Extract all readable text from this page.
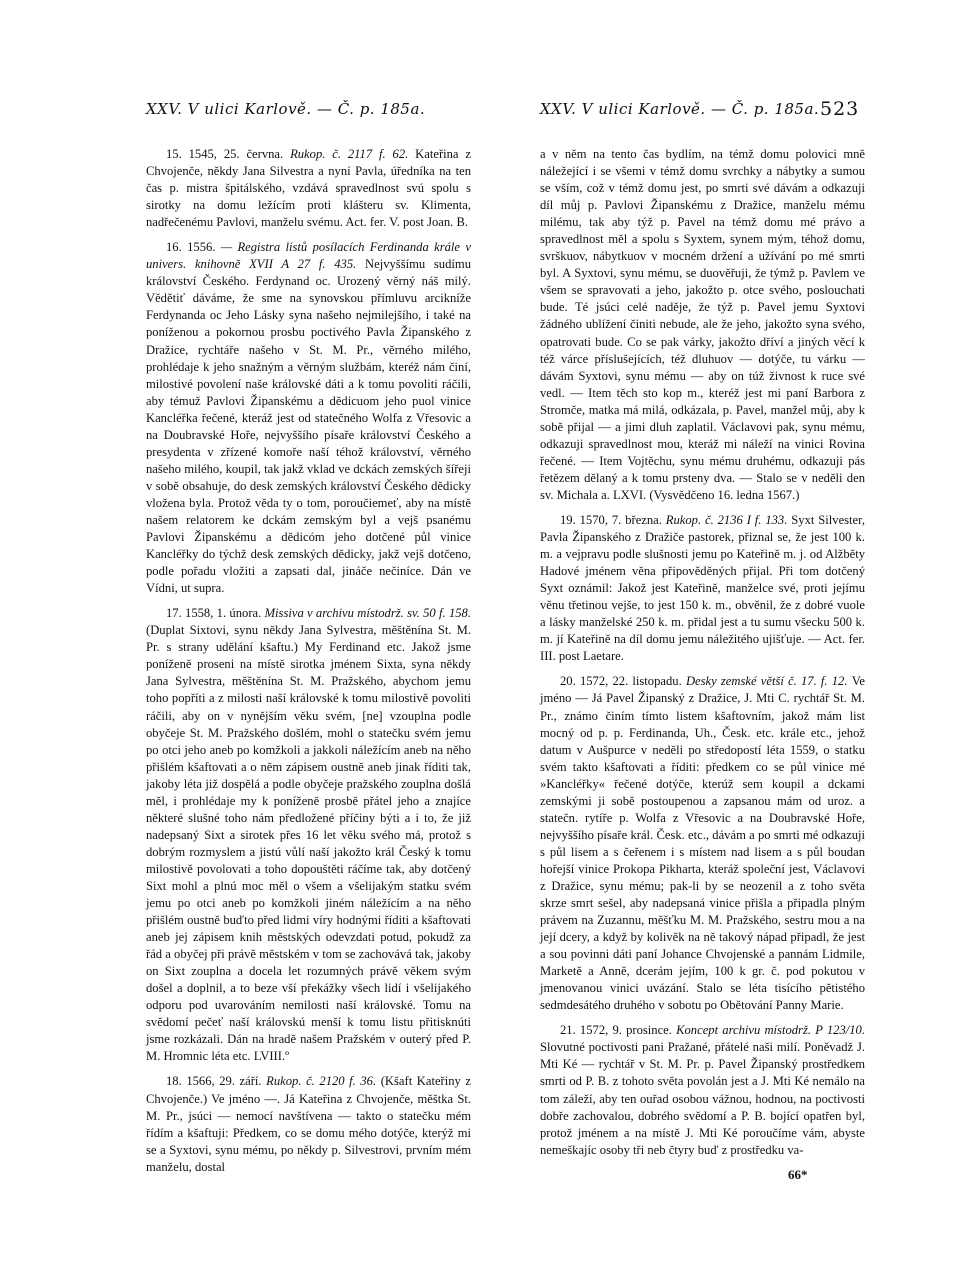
XXV. V ulici Karlově. — Č. p. 185a.	XXV. V ulici Karlově. — Č. p. 185a. 523

15. 1545, 25. června. Rukop. č. 2117 f. 62. Kateřina z Chvojenče, někdy Jana Silvestra a nyní Pavla, úředníka na ten čas p. mistra špitálského, vzdává spravedlnost svú spolu s sirotky na domu ležícím proti klášteru sv. Klimenta, nadřečenému Pavlovi, manželu svému. Act. fer. V. post Joan. B.

16. 1556. — Registra listů posílacích Ferdinanda krále v univers. knihovně XVII A 27 f. 435. Nejvyššímu sudímu království Českého. Ferdynand oc. Urozený věrný náš milý. Vědětiť dáváme, že sme na synovskou přímluvu arcikníže Ferdynanda oc Jeho Lásky syna našeho nejmilejšího, i také na poníženou a pokornou prosbu poctivého Pavla Žipanského z Dražice, rychtáře našeho v St. M. Pr., věrného milého, prohlédaje k jeho snažným a věrným službám, kteréž nám činí, milostivé povolení naše královské dáti a k tomu povoliti ráčili, aby témuž Pavlovi Žipanskému a dědicuom jeho puol vinice Kancléřka řečené, kteráž jest od statečného Wolfa z Vřesovic a na Doubravské Hoře, nejvyššího písaře království Českého a presydenta v zřízené komoře naší téhož království, věrného našeho milého, koupil, tak jakž vklad ve dckách zemských šířeji v sobě obsahuje, do desk zemských království Českého dědicky vložena byla. Protož věda ty o tom, poroučiemeť, aby na místě našem relatorem ke dckám zemským byl a vejš psanému Pavlovi Žipanskému a dědicóm jeho dotčené půl vinice Kancléřky do týchž desk zemských dědicky, jakž vejš dotčeno, podle pořadu vložiti a zapsati dal, jináče nečiníce. Dán ve Vídni, ut supra.

17. 1558, 1. února. Missiva v archivu místodrž. sv. 50 f. 158. (Duplat Sixtovi, synu někdy Jana Sylvestra, měštěnína St. M. Pr. s strany udělání kšaftu.) My Ferdinand etc. Jakož jsme poníženě proseni na místě sirotka jménem Sixta, syna někdy Jana Sylvestra, měštěnína St. M. Pražského, abychom jemu toho popříti a z milosti naší královské k tomu milostivě povoliti ráčili, aby on v nynějším věku svém, [ne] vzouplna podle obyčeje St. M. Pražského došlém, mohl o statečku svém jemu po otci jeho aneb po komžkoli a jakkoli náležícím aneb na něho přišlém kšaftovati a o něm zápisem oustně aneb jinak říditi tak, jakoby léta již dospělá a podle obyčeje pražského zouplna došlá měl, i prohlédaje my k poníženě prosbě přátel jeho a znajíce některé slušné toho nám předložené příčiny býti a i to, že již nadepsaný Sixt a sirotek přes 16 let věku svého má, protož s dobrým rozmyslem a jistú vůlí naší jakožto král Český k tomu milostivě povolovati a toho dopouštěti ráčíme tak, aby dotčený Sixt mohl a plnú moc měl o všem a všelijakým statku svém jemu po otci aneb po komžkoli jiném náležícím a na něho přišlém oustně buďto před lidmi víry hodnými říditi a kšaftovati aneb jej zápisem knih městských odevzdati potud, pokudž za řád a obyčej při právě městském v tom se zachovává tak, jakoby on Sixt zouplna a docela let rozumných právě věkem svým došel a doplnil, a to beze vší překážky všech lidí i všelijakého odporu pod uvarováním nemilosti naší královské. Tomu na svědomí pečeť naší královskú menší k tomu listu přitisknúti jsme rozkázali. Dán na hradě našem Pražském v outerý před P. M. Hromnic léta etc. LVIII.º

18. 1566, 29. září. Rukop. č. 2120 f. 36. (Kšaft Kateřiny z Chvojenče.) Ve jméno —. Já Kateřina z Chvojenče, měštka St. M. Pr., jsúci — nemocí navštívena — takto o statečku mém řídím a kšaftuji: Předkem, co se domu mého dotýče, kterýž mi se a Syxtovi, synu mému, po někdy p. Silvestrovi, prvním mém manželu, dostal

a v něm na tento čas bydlím, na témž domu polovici mně náležející i se všemi v témž domu svrchky a nábytky a sumou se vším, což v témž domu jest, po smrti své dávám a odkazuji díl můj p. Pavlovi Žipanskému z Dražice, manželu mému milému, tak aby týž p. Pavel na témž domu mé právo a spravedlnost měl a spolu s Syxtem, synem mým, téhož domu, svrškuov, nábytkuov v mocném držení a užívání po mé smrti byl. A Syxtovi, synu mému, se duověřuji, že týmž p. Pavlem ve všem se spravovati a jeho, jakožto p. otce svého, poslouchati bude. Té jsúci celé naděje, že týž p. Pavel jemu Syxtovi žádného ublížení činiti nebude, ale že jeho, jakožto syna svého, opatrovati bude. Co se pak várky, jakožto dříví a jiných věcí k též várce příslušejících, též dluhuov — dotýče, tu várku — dávám Syxtovi, synu mému — aby on túž živnost k ruce své vedl. — Item těch sto kop m., kteréž jest mi paní Barbora z Stromče, matka má milá, odkázala, p. Pavel, manžel můj, aby k sobě přijal — a jimi dluh zaplatil. Václavovi pak, synu mému, odkazuji spravedlnost mou, kteráž mi náleží na vinici Rovina řečené. — Item Vojtěchu, synu mému druhému, odkazuji pás řetězem dělaný a k tomu prsteny dva. — Stalo se v neděli den sv. Michala a. LXVI. (Vysvědčeno 16. ledna 1567.)

19. 1570, 7. března. Rukop. č. 2136 I f. 133. Syxt Silvester, Pavla Žipanského z Dražiče pastorek, přiznal se, že jest 100 k. m. a vejpravu podle slušnosti jemu po Kateřině m. j. od Alžběty Hadové jménem věna připověděných přijal. Při tom dotčený Syxt oznámil: Jakož jest Kateřině, manželce své, proti jejímu věnu třetinou vejše, to jest 150 k. m., obvěnil, že z dobré vuole a lásky manželské 250 k. m. přidal jest a tu sumu všecku 500 k. m. jí Kateřině na díl domu jemu náležitého ujišťuje. — Act. fer. III. post Laetare.

20. 1572, 22. listopadu. Desky zemské větší č. 17. f. 12. Ve jméno — Já Pavel Žipanský z Dražice, J. Mti C. rychtář St. M. Pr., známo činím tímto listem kšaftovním, jakož mám list mocný od p. p. Ferdinanda, Uh., Česk. etc. krále etc., jehož datum v Aušpurce v neděli po středopostí léta 1559, o statku svém takto kšaftovati a říditi: předkem co se půl vinice mé »Kancléřky« řečené dotýče, kterúž sem koupil a dckami zemskými ji sobě postoupenou a zapsanou mám od uroz. a statečn. rytíře p. Wolfa z Vřesovic a na Doubravské Hoře, nejvyššího písaře král. Česk. etc., dávám a po smrti mé odkazuji s půl lisem a s čeřenem i s místem nad lisem a s půl boudan hořejší vinice Prokopa Pikharta, kteráž společní jest, Václavovi z Dražice, synu mému; pak-li by se neozenil a z toho světa skrze smrt sešel, aby nadepsaná vinice přišla a připadla plným právem na Zuzannu, měšťku M. M. Pražského, sestru mou a na její dcery, a když by kolivěk na ně takový nápad připadl, že jest a sou povinni dáti paní Johance Chvojenské a pannám Lidmile, Marketě a Anně, dcerám jejím, 100 k gr. č. pod pokutou v jmenovanou vinici uvázání. Stalo se léta tisícího pětistého sedmdesátého druhého v sobotu po Obětování Panny Marie.

21. 1572, 9. prosince. Koncept archivu místodrž. P 123/10. Slovutné poctivosti pani Pražané, přátelé naši milí. Poněvadž J. Mti Ké — rychtář v St. M. Pr. p. Pavel Žipanský prostředkem smrti od P. B. z tohoto světa povolán jest a J. Mti Ké nemálo na tom záleží, aby ten ouřad osobou vážnou, hodnou, na poctivosti dobře zachovalou, dobrého svědomí a P. B. bojící opatřen byl, protož jménem a na místě J. Mti Ké poroučíme vám, abyste nemeškajíc osoby tři neb čtyry buď z prostředku va-

66*
